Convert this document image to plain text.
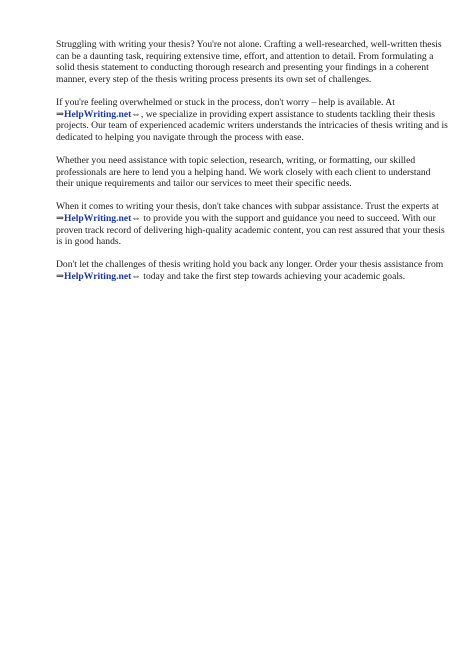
Struggling with writing your thesis? You're not alone. Crafting a well-researched, well-written thesis can be a daunting task, requiring extensive time, effort, and attention to detail. From formulating a solid thesis statement to conducting thorough research and presenting your findings in a coherent manner, every step of the thesis writing process presents its own set of challenges.

If you're feeling overwhelmed or stuck in the process, don't worry – help is available. At ⇒HelpWriting.net⇔, we specialize in providing expert assistance to students tackling their thesis projects. Our team of experienced academic writers understands the intricacies of thesis writing and is dedicated to helping you navigate through the process with ease.

Whether you need assistance with topic selection, research, writing, or formatting, our skilled professionals are here to lend you a helping hand. We work closely with each client to understand their unique requirements and tailor our services to meet their specific needs.

When it comes to writing your thesis, don't take chances with subpar assistance. Trust the experts at ⇒HelpWriting.net⇔ to provide you with the support and guidance you need to succeed. With our proven track record of delivering high-quality academic content, you can rest assured that your thesis is in good hands.

Don't let the challenges of thesis writing hold you back any longer. Order your thesis assistance from ⇒HelpWriting.net⇔ today and take the first step towards achieving your academic goals.
